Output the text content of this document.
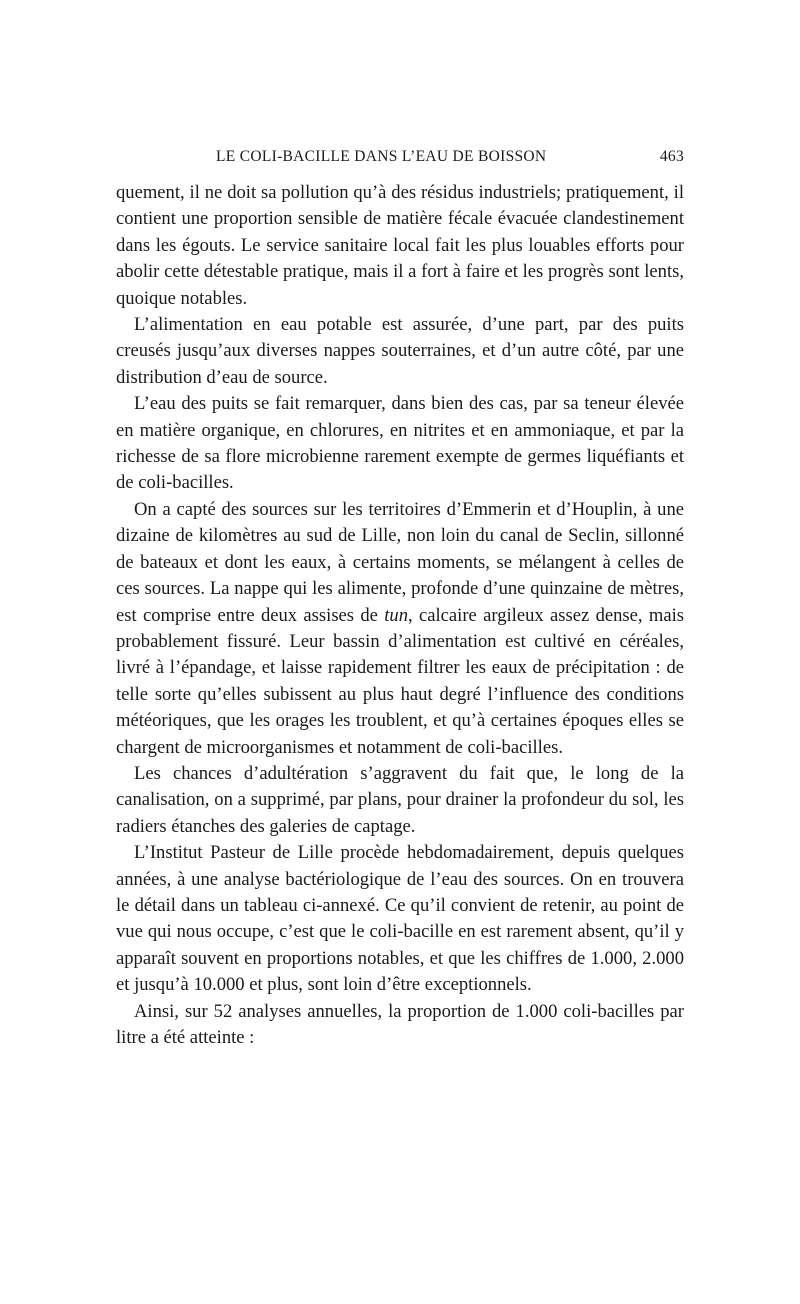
LE COLI-BACILLE DANS L’EAU DE BOISSON	463

quement, il ne doit sa pollution qu’à des résidus industriels; pratiquement, il contient une proportion sensible de matière fécale évacuée clandestinement dans les égouts. Le service sanitaire local fait les plus louables efforts pour abolir cette détestable pratique, mais il a fort à faire et les progrès sont lents, quoique notables.

L’alimentation en eau potable est assurée, d’une part, par des puits creusés jusqu’aux diverses nappes souterraines, et d’un autre côté, par une distribution d’eau de source.

L’eau des puits se fait remarquer, dans bien des cas, par sa teneur élevée en matière organique, en chlorures, en nitrites et en ammoniaque, et par la richesse de sa flore microbienne rarement exempte de germes liquéfiants et de coli-bacilles.

On a capté des sources sur les territoires d’Emmerin et d’Houplin, à une dizaine de kilomètres au sud de Lille, non loin du canal de Seclin, sillonné de bateaux et dont les eaux, à certains moments, se mélangent à celles de ces sources. La nappe qui les alimente, profonde d’une quinzaine de mètres, est comprise entre deux assises de tun, calcaire argileux assez dense, mais probablement fissuré. Leur bassin d’alimentation est cultivé en céréales, livré à l’épandage, et laisse rapidement filtrer les eaux de précipitation : de telle sorte qu’elles subissent au plus haut degré l’influence des conditions météoriques, que les orages les troublent, et qu’à certaines époques elles se chargent de microorganismes et notamment de coli-bacilles.

Les chances d’adultération s’aggravent du fait que, le long de la canalisation, on a supprimé, par plans, pour drainer la profondeur du sol, les radiers étanches des galeries de captage.

L’Institut Pasteur de Lille procède hebdomadairement, depuis quelques années, à une analyse bactériologique de l’eau des sources. On en trouvera le détail dans un tableau ci-annexé. Ce qu’il convient de retenir, au point de vue qui nous occupe, c’est que le coli-bacille en est rarement absent, qu’il y apparaît souvent en proportions notables, et que les chiffres de 1.000, 2.000 et jusqu’à 10.000 et plus, sont loin d’être exceptionnels.

Ainsi, sur 52 analyses annuelles, la proportion de 1.000 coli-bacilles par litre a été atteinte :
